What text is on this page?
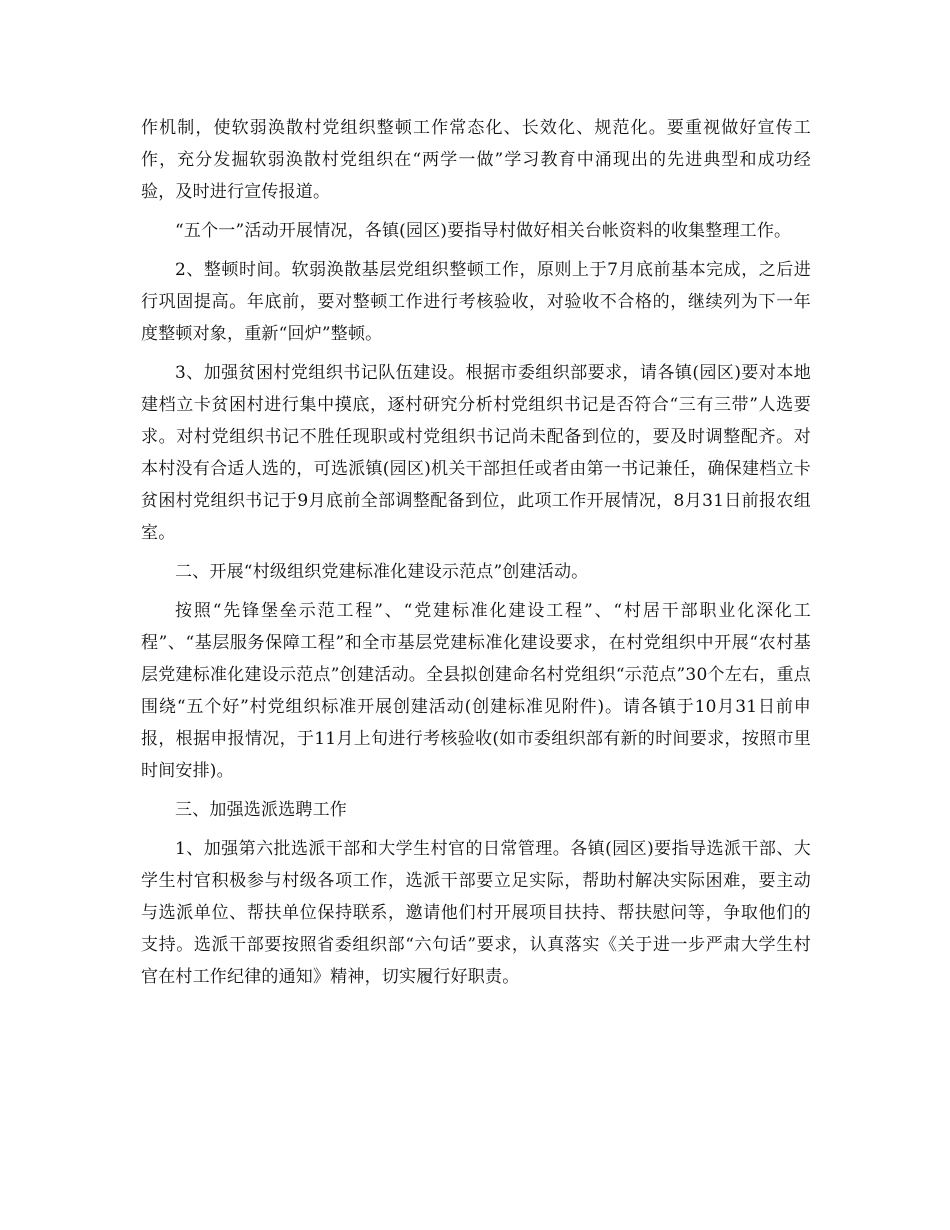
作机制，使软弱涣散村党组织整顿工作常态化、长效化、规范化。要重视做好宣传工作，充分发掘软弱涣散村党组织在“两学一做”学习教育中涌现出的先进典型和成功经验，及时进行宣传报道。

“五个一”活动开展情况，各镇(园区)要指导村做好相关台帐资料的收集整理工作。

2、整顿时间。软弱涣散基层党组织整顿工作，原则上于7月底前基本完成，之后进行巩固提高。年底前，要对整顿工作进行考核验收，对验收不合格的，继续列为下一年度整顿对象，重新“回炉”整顿。

3、加强贫困村党组织书记队伍建设。根据市委组织部要求，请各镇(园区)要对本地建档立卡贫困村进行集中摸底，逐村研究分析村党组织书记是否符合“三有三带”人选要求。对村党组织书记不胜任现职或村党组织书记尚未配备到位的，要及时调整配齐。对本村没有合适人选的，可选派镇(园区)机关干部担任或者由第一书记兼任，确保建档立卡贫困村党组织书记于9月底前全部调整配备到位，此项工作开展情况，8月31日前报农组室。

二、开展“村级组织党建标准化建设示范点”创建活动。

按照“先锋堡垒示范工程”、“党建标准化建设工程”、“村居干部职业化深化工程”、“基层服务保障工程”和全市基层党建标准化建设要求，在村党组织中开展“农村基层党建标准化建设示范点”创建活动。全县拟创建命名村党组织“示范点”30个左右，重点围绕“五个好”村党组织标准开展创建活动(创建标准见附件)。请各镇于10月31日前申报，根据申报情况，于11月上旬进行考核验收(如市委组织部有新的时间要求，按照市里时间安排)。

三、加强选派选聘工作

1、加强第六批选派干部和大学生村官的日常管理。各镇(园区)要指导选派干部、大学生村官积极参与村级各项工作，选派干部要立足实际，帮助村解决实际困难，要主动与选派单位、帮扶单位保持联系，邀请他们村开展项目扶持、帮扶慰问等，争取他们的支持。选派干部要按照省委组织部“六句话”要求，认真落实《关于进一步严肃大学生村官在村工作纪律的通知》精神，切实履行好职责。
